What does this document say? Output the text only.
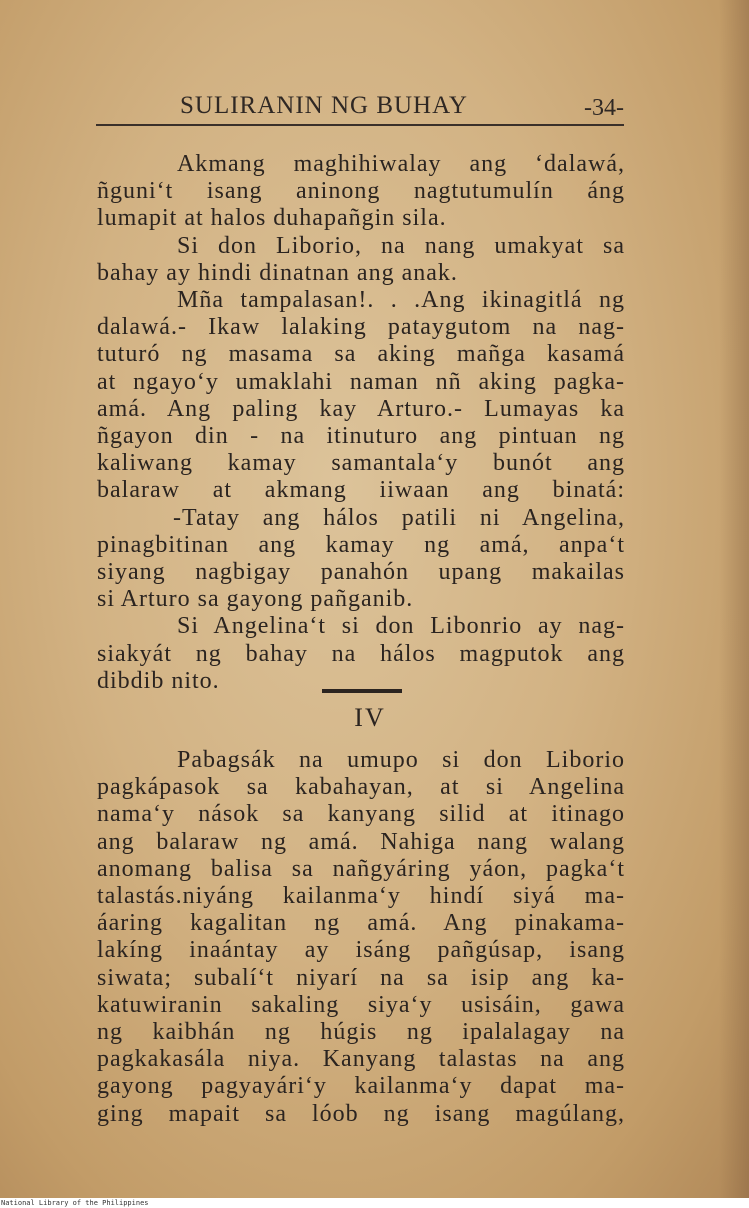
SULIRANIN NG BUHAY	-34-

Akmang maghihiwalay ang ‘dalawá,
ñguni‘t isang aninong nagtutumulín áng
lumapit at halos duhapañgin sila.

Si don Liborio, na nang umakyat sa
bahay ay hindi dinatnan ang anak.

Mña tampalasan!. . .Ang ikinagitlá ng
dalawá.- Ikaw lalaking pataygutom na nag-
tuturó ng masama sa aking mañga kasamá
at ngayo‘y umaklahi naman nñ aking pagka-
amá. Ang paling kay Arturo.- Lumayas ka
ñgayon din - na itinuturo ang pintuan ng
kaliwang kamay samantala‘y bunót ang
balaraw at akmang iiwaan ang binatá:

-Tatay ang hálos patili ni Angelina,
pinagbitinan ang kamay ng amá, anpa‘t
siyang nagbigay panahón upang makailas
si Arturo sa gayong pañganib.

Si Angelina‘t si don Libonrio ay nag-
siakyát ng bahay na hálos magputok ang
dibdib nito.

IV

Pabagsák na umupo si don Liborio
pagkápasok sa kabahayan, at si Angelina
nama‘y nások sa kanyang silid at itinago
ang balaraw ng amá. Nahiga nang walang
anomang balisa sa nañgyáring yáon, pagka‘t
talastás.niyáng kailanma‘y hindí siyá ma-
áaring kagalitan ng amá. Ang pinakama-
lakíng inaántay ay isáng pañgúsap, isang
siwata; subalí‘t niyarí na sa isip ang ka-
katuwiranin sakaling siya‘y usisáin, gawa
ng kaibhán ng húgis ng ipalalagay na
pagkakasála niya. Kanyang talastas na ang
gayong pagyayári‘y kailanma‘y dapat ma-
ging mapait sa lóob ng isang magúlang,

National Library of the Philippines
